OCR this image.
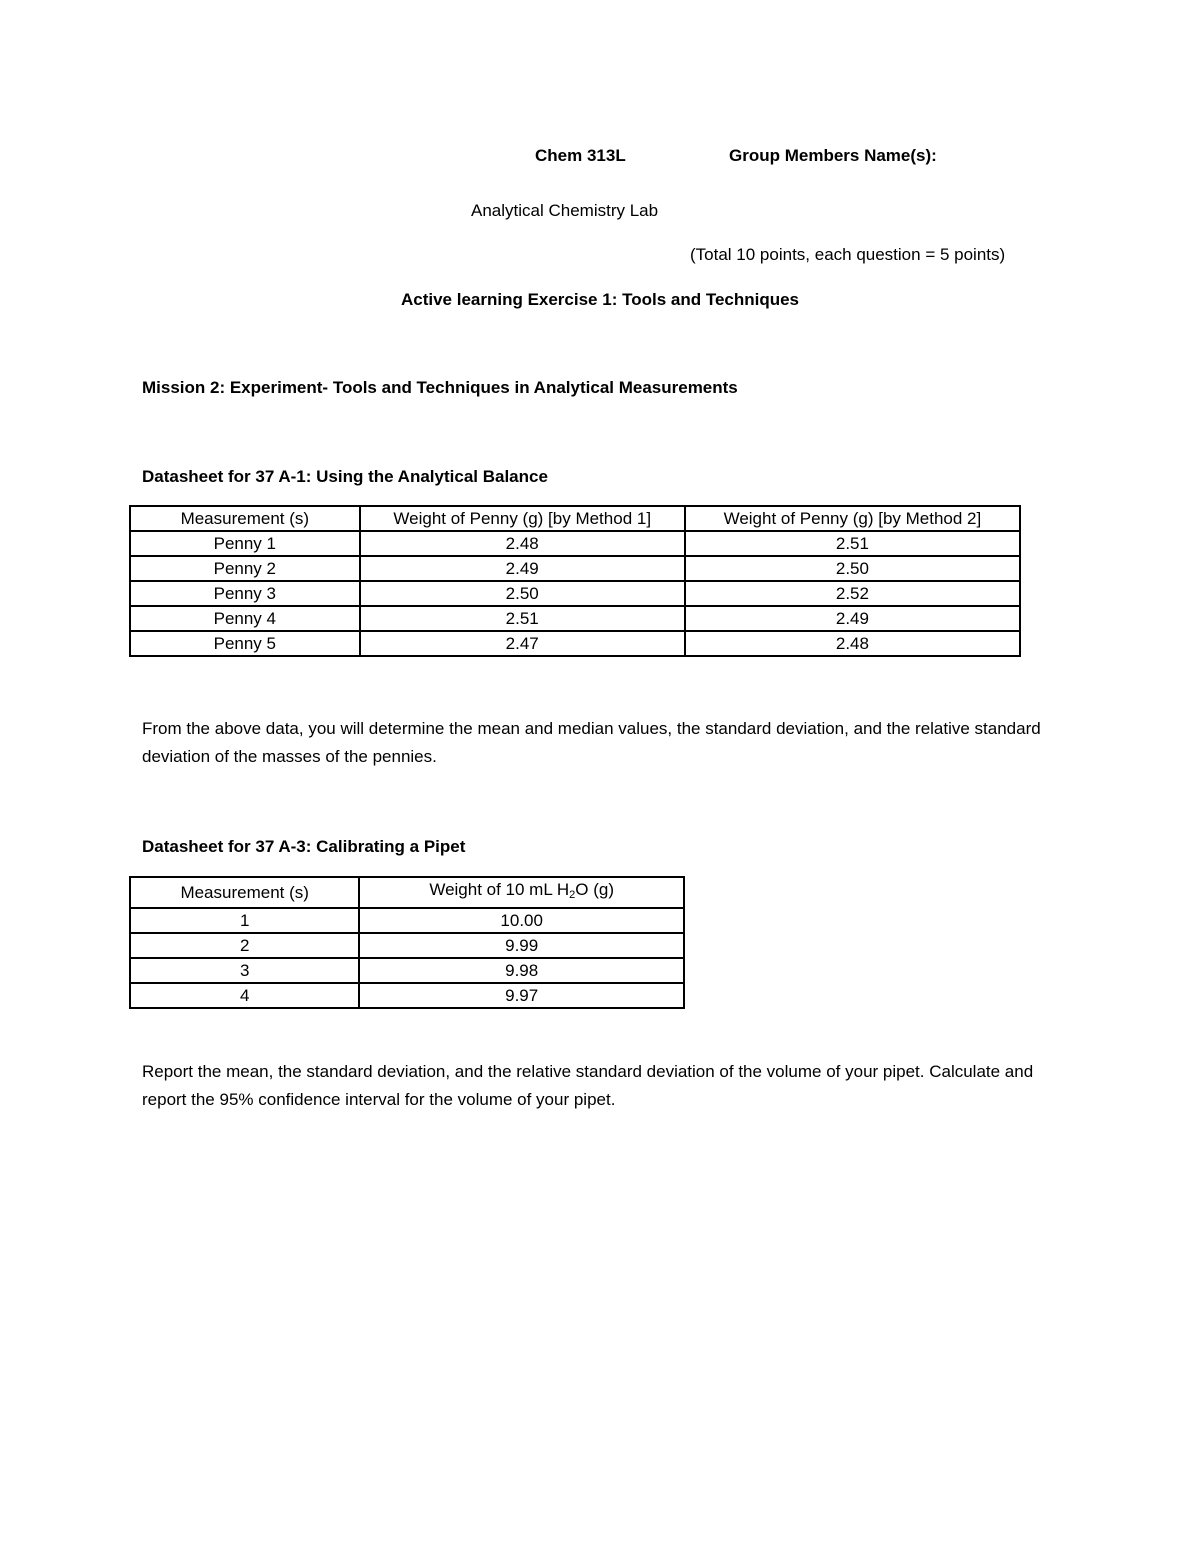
Chem 313L	Group Members Name(s):
Analytical Chemistry Lab
(Total 10 points, each question = 5 points)
Active learning Exercise 1: Tools and Techniques
Mission 2: Experiment- Tools and Techniques in Analytical Measurements
Datasheet for 37 A-1: Using the Analytical Balance
Measurement (s)	Weight of Penny (g) [by Method 1]	Weight of Penny (g) [by Method 2]
Penny 1	2.48	2.51
Penny 2	2.49	2.50
Penny 3	2.50	2.52
Penny 4	2.51	2.49
Penny 5	2.47	2.48
From the above data, you will determine the mean and median values, the standard deviation, and the relative standard deviation of the masses of the pennies.
Datasheet for 37 A-3: Calibrating a Pipet
Measurement (s)	Weight of 10 mL $H_2O$ (g)
1	10.00
2	9.99
3	9.98
4	9.97
Report the mean, the standard deviation, and the relative standard deviation of the volume of your pipet. Calculate and report the 95% confidence interval for the volume of your pipet.
